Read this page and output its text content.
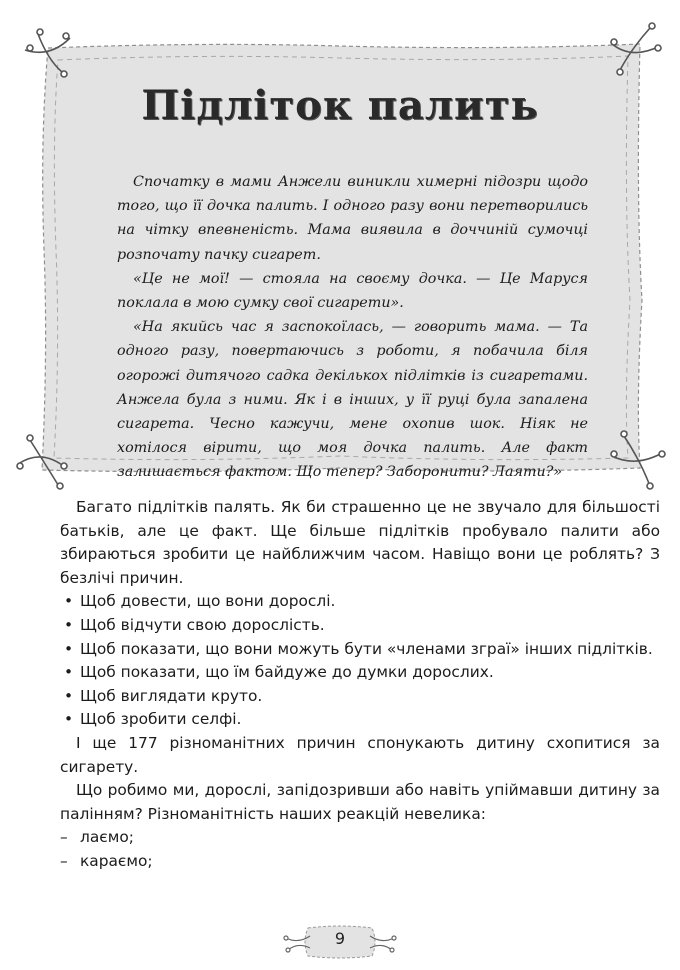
Підліток палить

Спочатку в мами Анжели виникли химерні підозри щодо того, що її дочка палить. І одного разу вони перетворились на чітку впевненість. Мама виявила в доччиній сумочці розпочату пачку сигарет.

«Це не мої! — стояла на своєму дочка. — Це Маруся поклала в мою сумку свої сигарети».

«На якийсь час я заспокоїлась, — говорить мама. — Та одного разу, повертаючись з роботи, я побачила біля огорожі дитячого садка декількох підлітків із сигаретами. Анжела була з ними. Як і в інших, у її руці була запалена сигарета. Чесно кажучи, мене охопив шок. Ніяк не хотілося вірити, що моя дочка палить. Але факт залишається фактом. Що тепер? Заборонити? Лаяти?»

Багато підлітків палять. Як би страшенно це не звучало для більшості батьків, але це факт. Ще більше підлітків пробувало палити або збираються зробити це найближчим часом. Навіщо вони це роблять? З безлічі причин.

• Щоб довести, що вони дорослі.
• Щоб відчути свою дорослість.
• Щоб показати, що вони можуть бути «членами зграї» інших підлітків.
• Щоб показати, що їм байдуже до думки дорослих.
• Щоб виглядати круто.
• Щоб зробити селфі.

І ще 177 різноманітних причин спонукають дитину схопитися за сигарету.

Що робимо ми, дорослі, запідозривши або навіть упіймавши дитину за палінням? Різноманітність наших реакцій невелика:

– лаємо;
– караємо;
9
